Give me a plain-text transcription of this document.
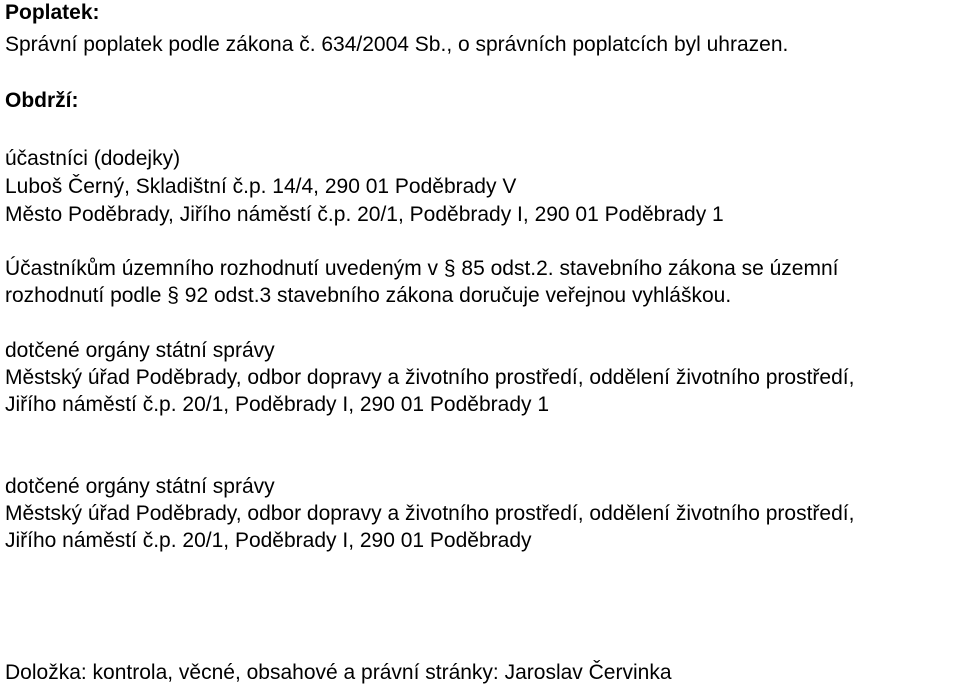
Poplatek:
Správní poplatek podle zákona č. 634/2004 Sb., o správních poplatcích byl uhrazen.
Obdrží:
účastníci (dodejky)
Luboš Černý, Skladištní č.p. 14/4, 290 01 Poděbrady V
Město Poděbrady, Jiřího náměstí č.p. 20/1, Poděbrady I, 290 01 Poděbrady 1
Účastníkům územního rozhodnutí uvedeným v § 85 odst.2. stavebního zákona se územní
rozhodnutí podle § 92 odst.3 stavebního zákona doručuje veřejnou vyhláškou.
dotčené orgány státní správy
Městský úřad Poděbrady, odbor dopravy a životního prostředí, oddělení životního prostředí,
Jiřího náměstí č.p. 20/1, Poděbrady I, 290 01 Poděbrady 1
dotčené orgány státní správy
Městský úřad Poděbrady, odbor dopravy a životního prostředí, oddělení životního prostředí,
Jiřího náměstí č.p. 20/1, Poděbrady I, 290 01 Poděbrady
Doložka: kontrola, věcné, obsahové a právní stránky: Jaroslav Červinka
